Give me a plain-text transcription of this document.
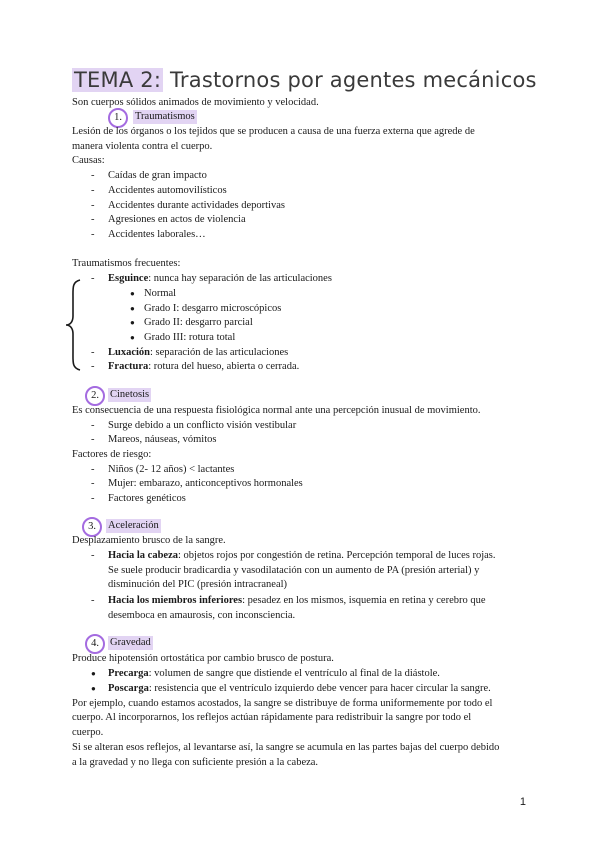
TEMA 2: Trastornos por agentes mecánicos
Son cuerpos sólidos animados de movimiento y velocidad.
1.	Traumatismos
Lesión de los órganos o los tejidos que se producen a causa de una fuerza externa que agrede de
manera violenta contra el cuerpo.
Causas:
- Caídas de gran impacto
- Accidentes automovilísticos
- Accidentes durante actividades deportivas
- Agresiones en actos de violencia
- Accidentes laborales…
Traumatismos frecuentes:
- Esguince: nunca hay separación de las articulaciones
● Normal
● Grado I: desgarro microscópicos
● Grado II: desgarro parcial
● Grado III: rotura total
- Luxación: separación de las articulaciones
- Fractura: rotura del hueso, abierta o cerrada.
2.	Cinetosis
Es consecuencia de una respuesta fisiológica normal ante una percepción inusual de movimiento.
- Surge debido a un conflicto visión vestibular
- Mareos, náuseas, vómitos
Factores de riesgo:
- Niños (2- 12 años) < lactantes
- Mujer: embarazo, anticonceptivos hormonales
- Factores genéticos
3.	Aceleración
Desplazamiento brusco de la sangre.
- Hacia la cabeza: objetos rojos por congestión de retina. Percepción temporal de luces rojas.
Se suele producir bradicardia y vasodilatación con un aumento de PA (presión arterial) y
disminución del PIC (presión intracraneal)
- Hacia los miembros inferiores: pesadez en los mismos, isquemia en retina y cerebro que
desemboca en amaurosis, con inconsciencia.
4.	Gravedad
Produce hipotensión ortostática por cambio brusco de postura.
● Precarga: volumen de sangre que distiende el ventrículo al final de la diástole.
● Poscarga: resistencia que el ventrículo izquierdo debe vencer para hacer circular la sangre.
Por ejemplo, cuando estamos acostados, la sangre se distribuye de forma uniformemente por todo el
cuerpo. Al incorporarnos, los reflejos actúan rápidamente para redistribuir la sangre por todo el
cuerpo.
Si se alteran esos reflejos, al levantarse así, la sangre se acumula en las partes bajas del cuerpo debido
a la gravedad y no llega con suficiente presión a la cabeza.
1
